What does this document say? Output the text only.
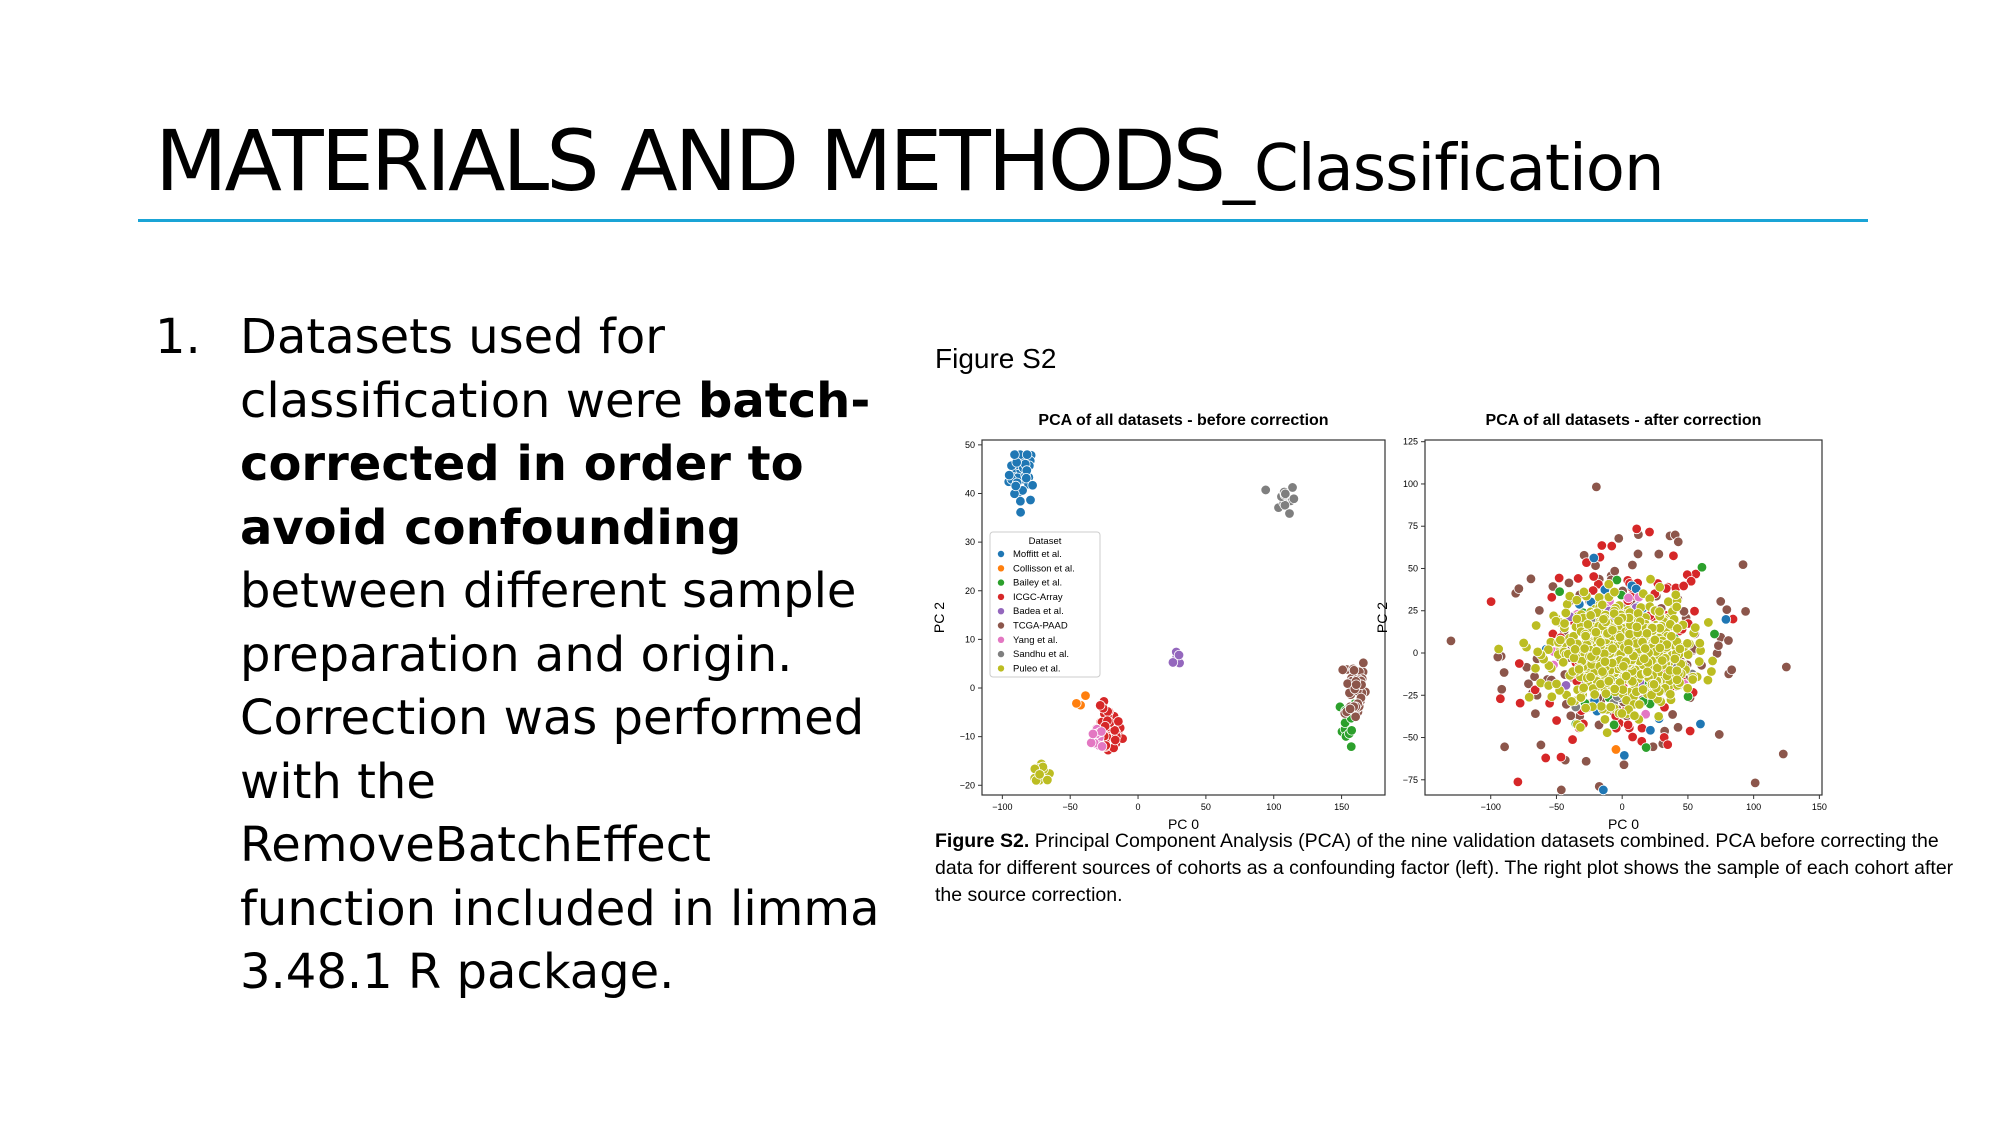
MATERIALS AND METHODS_Classification
1. Datasets used for classification were batch-corrected in order to avoid confounding between different sample preparation and origin. Correction was performed with the RemoveBatchEffect function included in limma 3.48.1 R package.
Figure S2
PCA of all datasets - before correction
−100	−50	0	50	100	150
−20
−10
0
10
20
30
40
50
PC 0
PC 2
Dataset
Moffitt et al.
Collisson et al.
Bailey et al.
ICGC-Array
Badea et al.
TCGA-PAAD
Yang et al.
Sandhu et al.
Puleo et al.
PCA of all datasets - after correction
−100	−50	0	50	100	150
−75
−50
−25
0
25
50
75
100
125
PC 0
PC 2
Figure S2. Principal Component Analysis (PCA) of the nine validation datasets combined. PCA before correcting the data for different sources of cohorts as a confounding factor (left). The right plot shows the sample of each cohort after the source correction.
